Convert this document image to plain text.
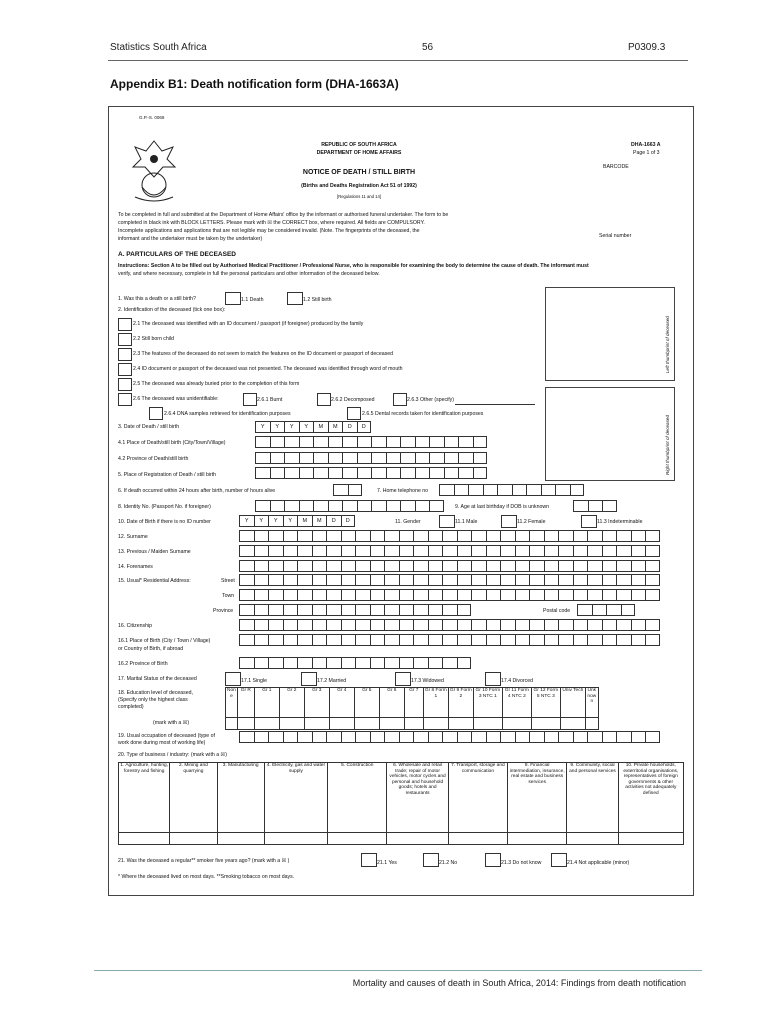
Statistics South Africa	56	P0309.3
Appendix B1: Death notification form (DHA-1663A)
G.P.-S. 0069
REPUBLIC OF SOUTH AFRICA
DEPARTMENT OF HOME AFFAIRS
DHA-1663 A
Page 1 of 3
BARCODE
NOTICE OF DEATH / STILL BIRTH
(Births and Deaths Registration Act 51 of 1992)
[Regulations 11 and 14]
To be completed in full and submitted at the Department of Home Affairs' office by the informant or authorised funeral undertaker. The form to be
completed in black ink with BLOCK LETTERS. Please mark with ☒ the CORRECT box, where required. All fields are COMPULSORY.
Incomplete applications and applications that are not legible may be considered invalid. (Note. The fingerprints of the deceased, the
informant and the undertaker must be taken by the undertaker)	Serial number
A. PARTICULARS OF THE DECEASED
Instructions: Section A to be filled out by Authorised Medical Practitioner / Professional Nurse, who is responsible for examining the body to determine the cause of death. The informant must
verify, and where necessary, complete in full the personal particulars and other information of the deceased below.
Left thumbprint of deceased
Right thumbprint of deceased
1. Was this a death or a still birth?	1.1 Death	1.2 Still birth
2. Identification of the deceased (tick one box):
2.1 The deceased was identified with an ID document / passport (if foreigner) produced by the family
2.2 Still born child
2.3 The features of the deceased do not seem to match the features on the ID document or passport of deceased
2.4 ID document or passport of the deceased was not presented. The deceased was identified through word of mouth
2.5 The deceased was already buried prior to the completion of this form
2.6 The deceased was unidentifiable:	2.6.1 Burnt	2.6.2 Decomposed	2.6.3 Other (specify)
2.6.4 DNA samples retrieved for identification purposes	2.6.5 Dental records taken for identification purposes
3. Date of Death / still birth	Y	Y	Y	Y	M	M	D	D
4.1 Place of Death/still birth (City/Town/Village)
4.2 Province of Death/still birth
5. Place of Registration of Death / still birth
6. If death occurred within 24 hours after birth, number of hours alive	7. Home telephone no
8. Identity No. (Passport No. if foreigner)	9. Age at last birthday if DOB is unknown
10. Date of Birth if there is no ID number	Y	Y	Y	Y	M	M	D	D	11. Gender	11.1 Male	11.2 Female	11.3 Indeterminable
12. Surname
13. Previous / Maiden Surname
14. Forenames
15. Usual* Residential Address:	Street
Town
Province	Postal code
16. Citizenship
16.1 Place of Birth (City / Town / Village)
or Country of Birth, if abroad
16.2 Province of Birth
17. Marital Status of the deceased	17.1 Single	17.2 Married	17.3 Widowed	17.4 Divorced
18. Education level of deceased,
(Specify only the highest class
completed)
(mark with a ☒)
Non e	Gr R	Gr 1	Gr 2	Gr 3	Gr 4	Gr 5	Gr 6	Gr 7	Gr 8 Form 1	Gr 9 Form 2	Gr 10 Form 3 NTC 1	Gr 11 Form 4 NTC 2	Gr 12 Form 5 NTC 3	Univ Tech	Unk now n

19. Usual occupation of deceased (type of
work done during most of working life)
20. Type of business / industry: (mark with a ☒)
1. Agriculture, hunting, forestry and fishing	2. Mining and quarrying	3. Manufacturing	4. Electricity, gas and water supply	5. Construction	6. Wholesale and retail trade; repair of motor vehicles, motor cycles and personal and household goods; hotels and restaurants	7. Transport, storage and communication	8. Financial intermediation, insurance, real estate and business services	9. Community, social and personal services	10. Private households, exterritorial organisations, representatives of foreign governments & other activities not adequately defined

21. Was the deceased a regular** smoker five years ago? (mark with a ☒ )	21.1 Yes	21.2 No	21.3 Do not know	21.4 Not applicable (minor)
* Where the deceased lived on most days. **Smoking tobacco on most days.
Mortality and causes of death in South Africa, 2014: Findings from death notification
